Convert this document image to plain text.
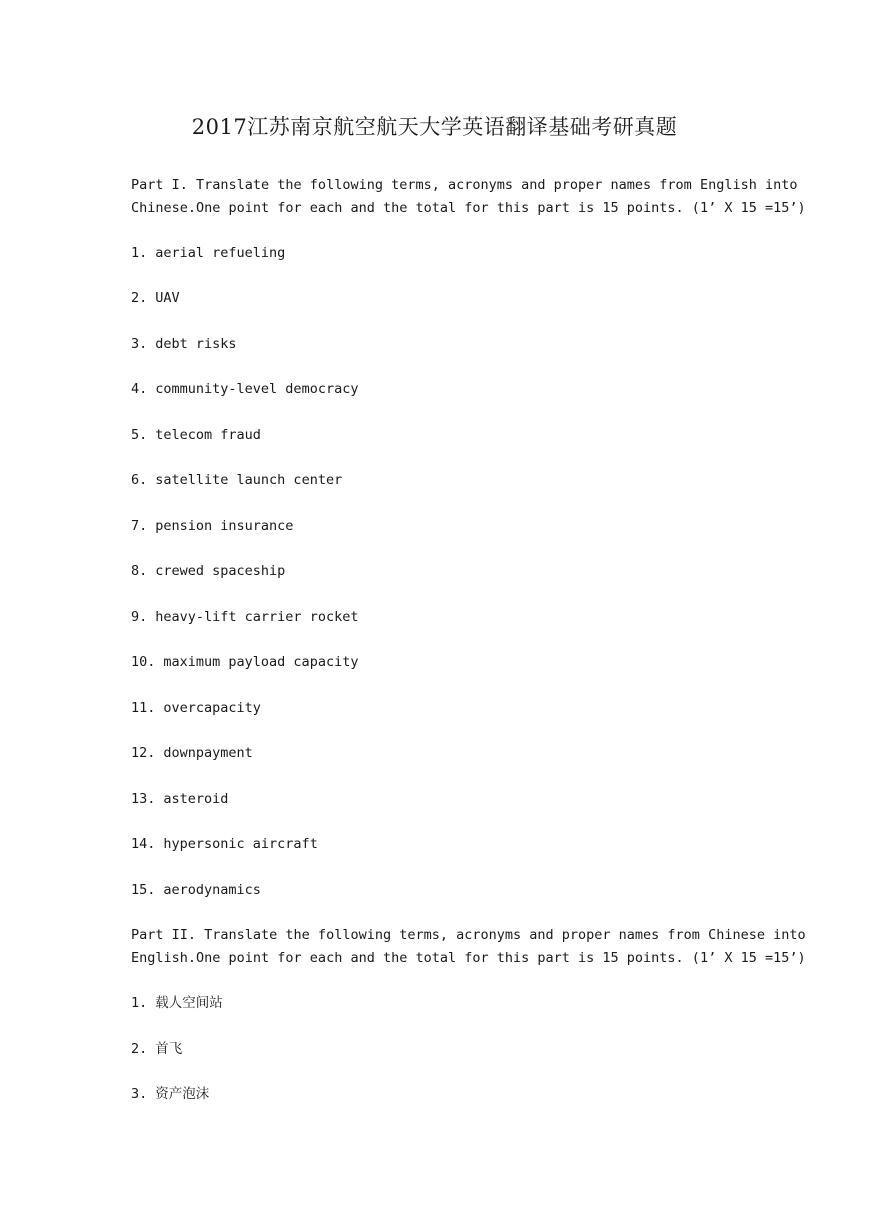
2017江苏南京航空航天大学英语翻译基础考研真题
Part I. Translate the following terms, acronyms and proper names from English into
Chinese.One point for each and the total for this part is 15 points. (1’ X 15 =15’)
1. aerial refueling
2. UAV
3. debt risks
4. community-level democracy
5. telecom fraud
6. satellite launch center
7. pension insurance
8. crewed spaceship
9. heavy-lift carrier rocket
10. maximum payload capacity
11. overcapacity
12. downpayment
13. asteroid
14. hypersonic aircraft
15. aerodynamics
Part II. Translate the following terms, acronyms and proper names from Chinese into
English.One point for each and the total for this part is 15 points. (1’ X 15 =15’)
1. 载人空间站
2. 首飞
3. 资产泡沫
